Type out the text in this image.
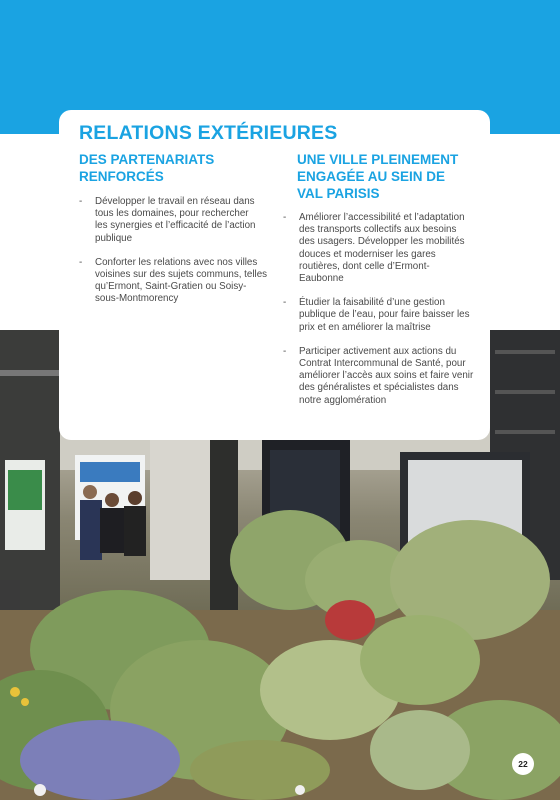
RELATIONS EXTÉRIEURES
DES PARTENARIATS
RENFORCÉS
UNE VILLE PLEINEMENT
ENGAGÉE AU SEIN DE
VAL PARISIS
- Développer le travail en réseau dans
tous les domaines, pour rechercher
les synergies et l’efficacité de l’action
publique
- Conforter les relations avec nos villes
voisines sur des sujets communs, telles
qu’Ermont, Saint-Gratien ou Soisy-
sous-Montmorency
- Améliorer l’accessibilité et l’adaptation
des transports collectifs aux besoins
des usagers. Développer les mobilités
douces et moderniser les gares
routières, dont celle d’Ermont-
Eaubonne
- Étudier la faisabilité d’une gestion
publique de l’eau, pour faire baisser les
prix et en améliorer la maîtrise
- Participer activement aux actions du
Contrat Intercommunal de Santé, pour
améliorer l’accès aux soins et faire venir
des généralistes et spécialistes dans
notre agglomération
22
